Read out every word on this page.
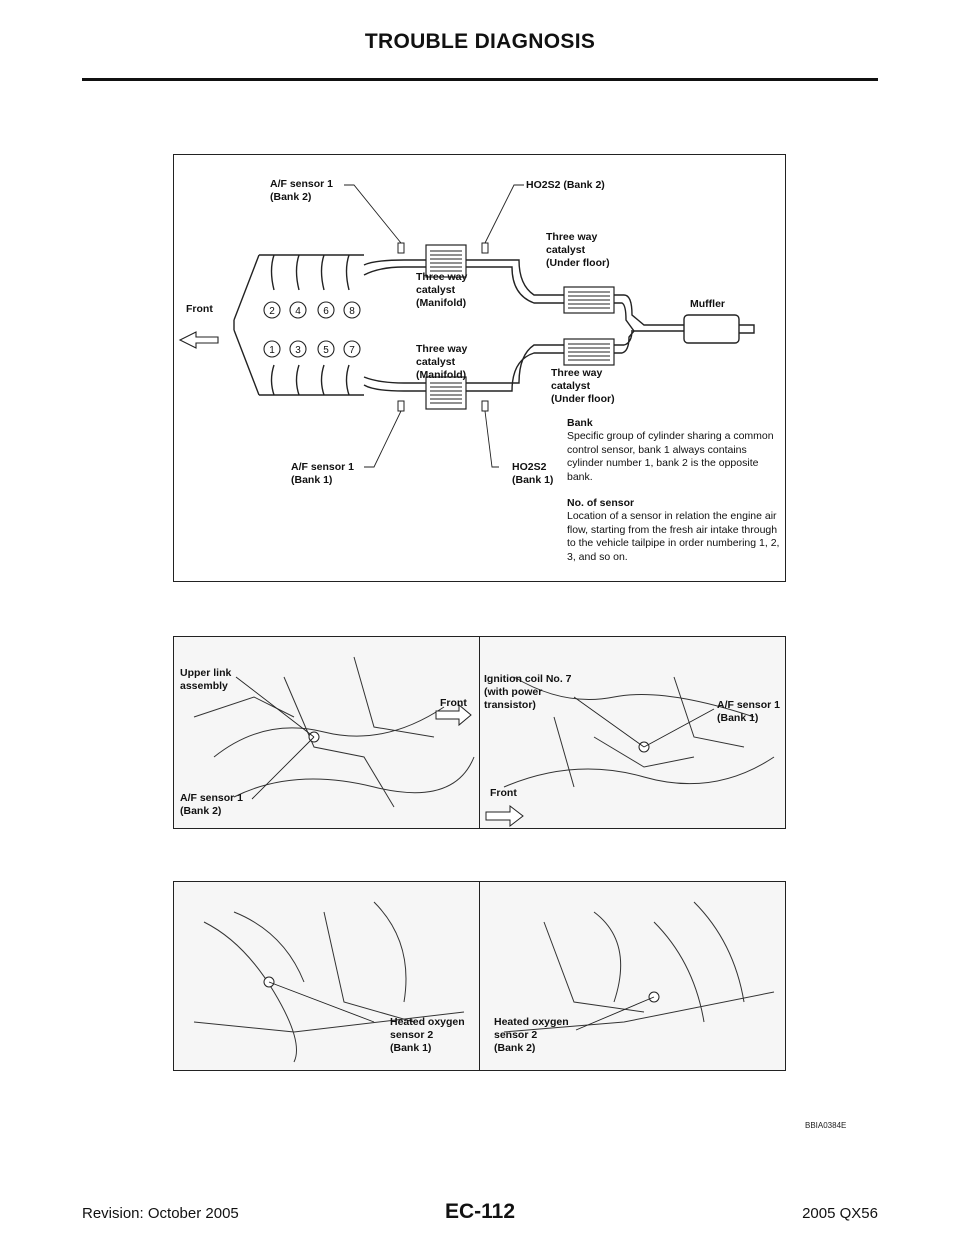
TROUBLE DIAGNOSIS
2 4 6 8
1 3 5 7
A/F sensor 1
(Bank 2)
HO2S2 (Bank 2)
Three way
catalyst
(Under floor)
Three way
catalyst
(Manifold)
Front	Muffler
Three way
catalyst
(Manifold)	Three way
catalyst
(Under floor)
A/F sensor 1
(Bank 1)
HO2S2
(Bank 1)
Bank
Specific group of cylinder sharing a common control sensor, bank 1 always contains cylinder number 1, bank 2 is the opposite bank.
No. of sensor
Location of a sensor in relation the engine air flow, starting from the fresh air intake through to the vehicle tailpipe in order numbering 1, 2, 3, and so on.
Upper link
assembly
Front
A/F sensor 1
(Bank 2)
Ignition coil No. 7
(with power
transistor)	A/F sensor 1
(Bank 1)
Front
Heated oxygen
sensor 2
(Bank 1)
Heated oxygen
sensor 2
(Bank 2)
BBIA0384E
Revision: October 2005	EC-112	2005 QX56
